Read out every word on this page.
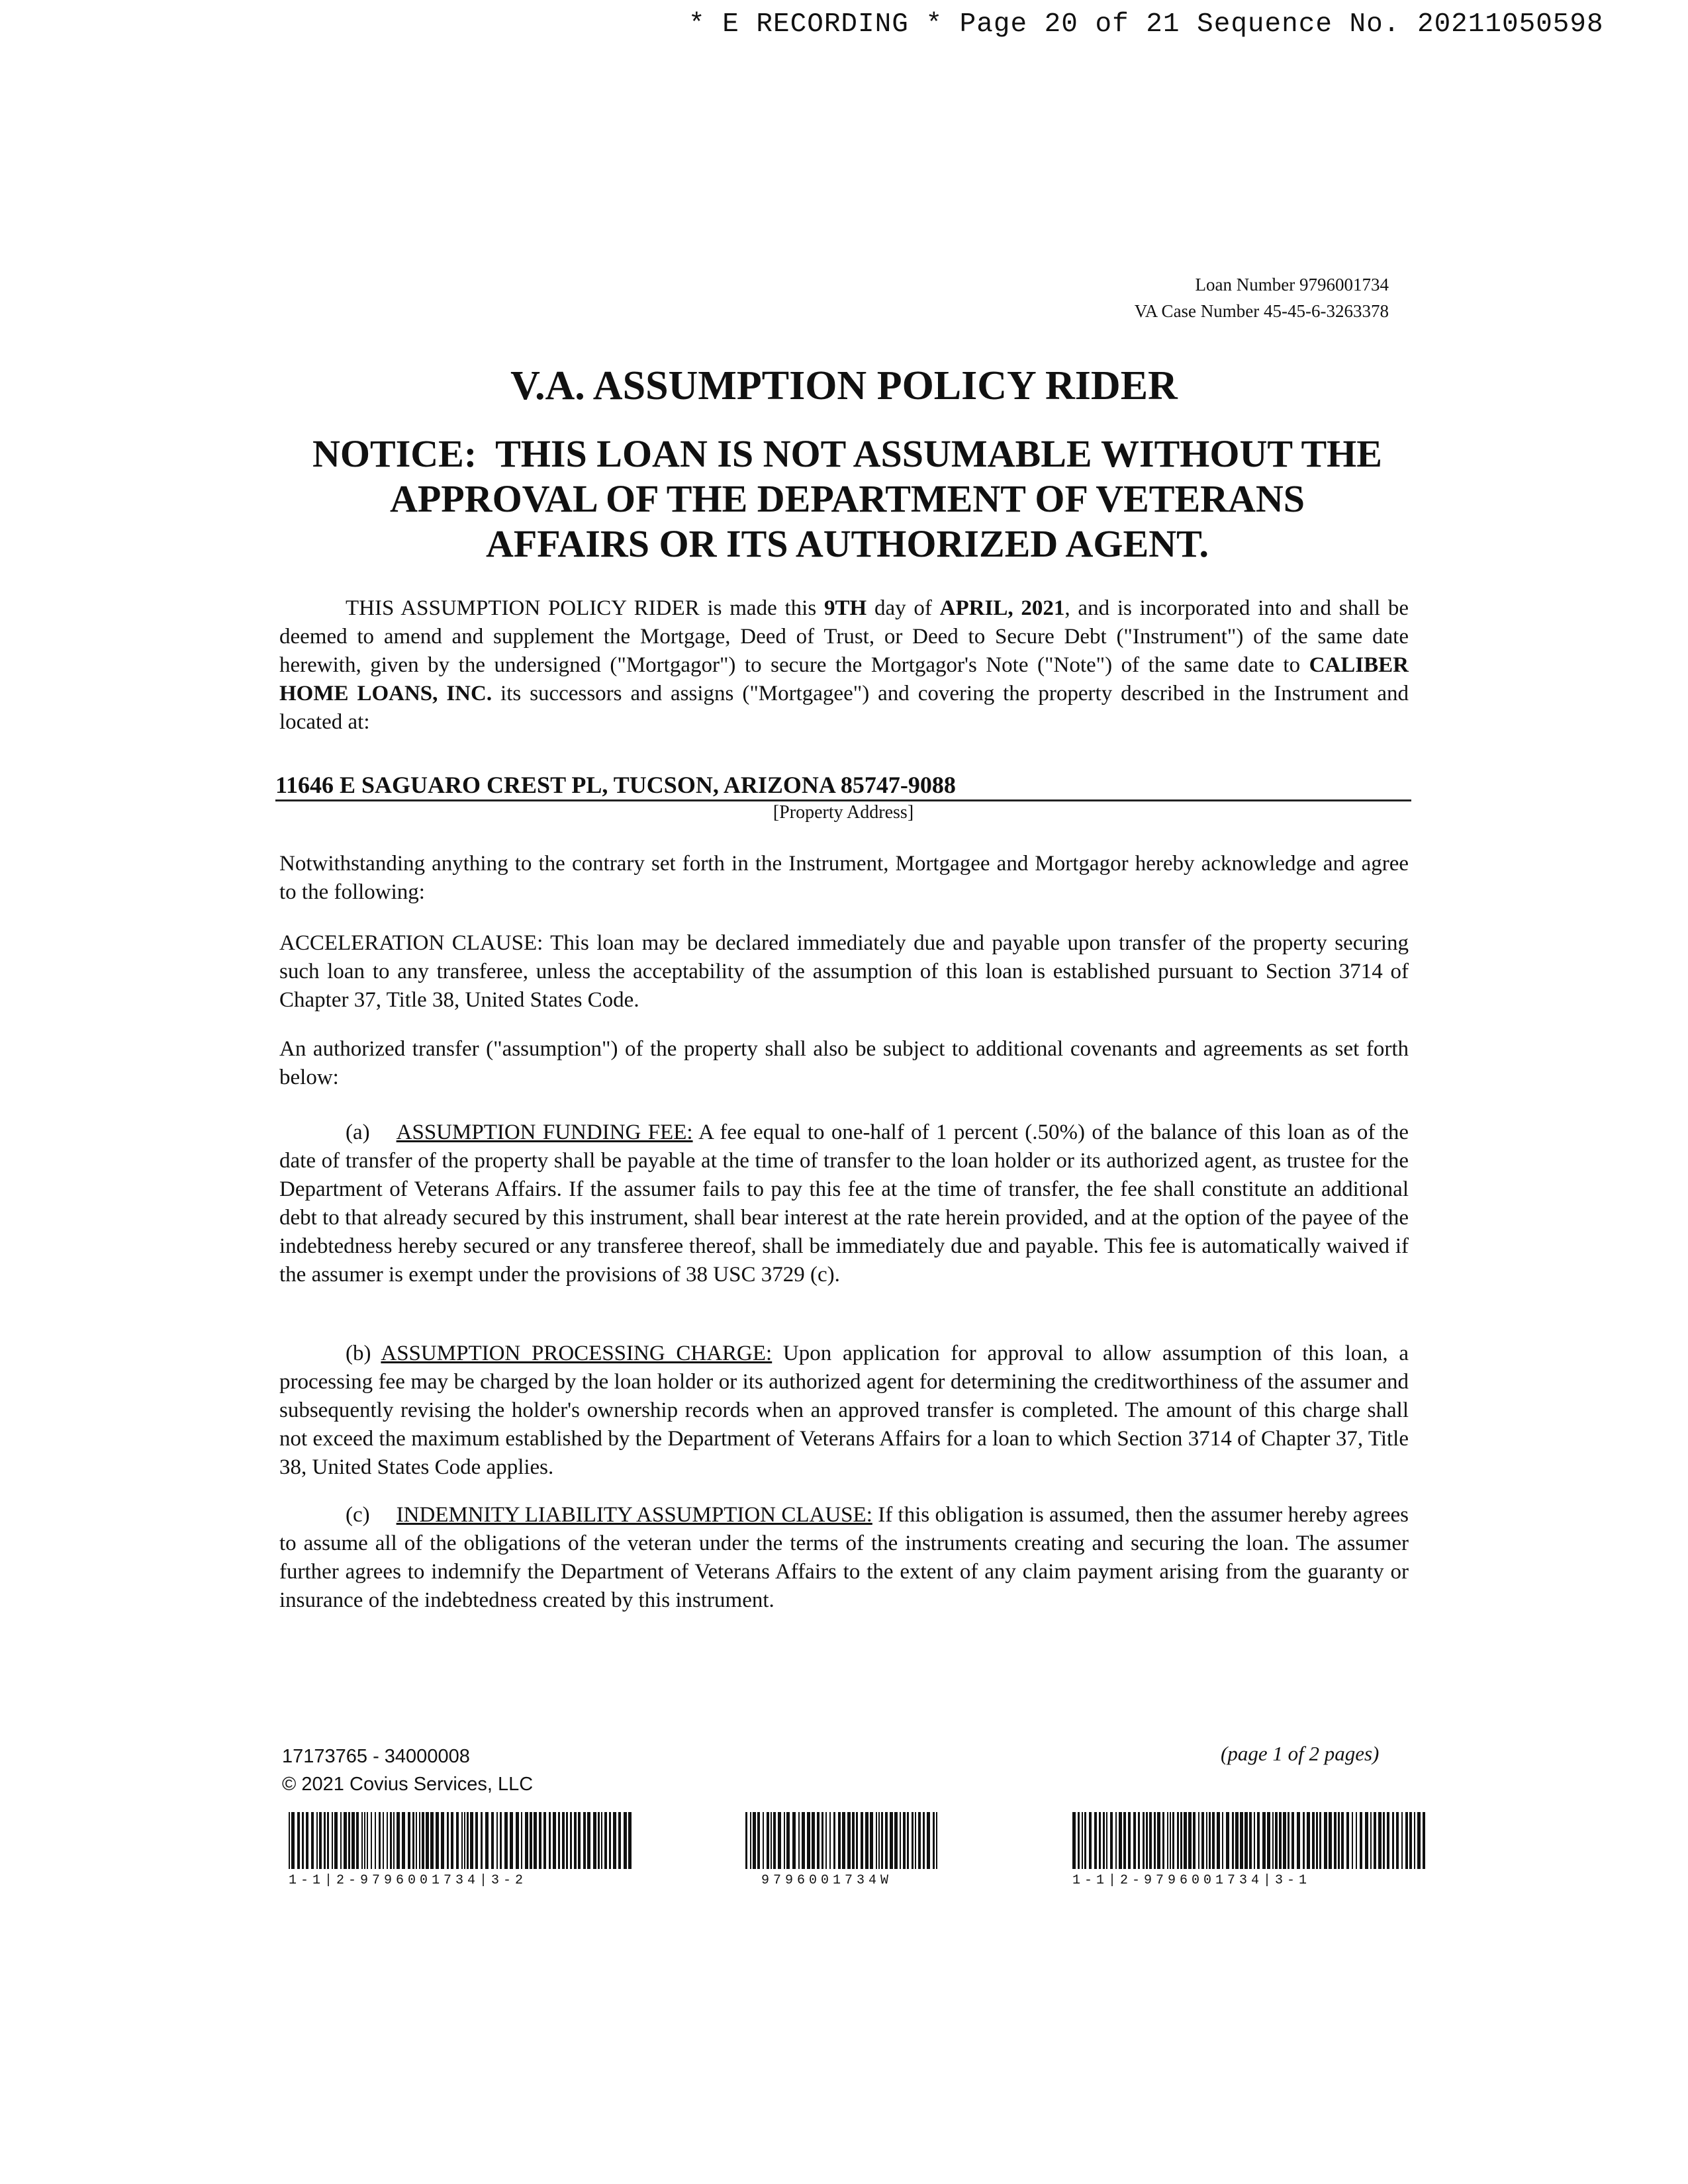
* E RECORDING * Page 20 of 21 Sequence No. 20211050598
Loan Number 9796001734
VA Case Number 45-45-6-3263378
V.A. ASSUMPTION POLICY RIDER
NOTICE:  THIS LOAN IS NOT ASSUMABLE WITHOUT THE
APPROVAL OF THE DEPARTMENT OF VETERANS
AFFAIRS OR ITS AUTHORIZED AGENT.
THIS ASSUMPTION POLICY RIDER is made this 9TH day of APRIL, 2021, and is incorporated into and shall be deemed to amend and supplement the Mortgage, Deed of Trust, or Deed to Secure Debt ("Instrument") of the same date herewith, given by the undersigned ("Mortgagor") to secure the Mortgagor's Note ("Note") of the same date to CALIBER HOME LOANS, INC. its successors and assigns ("Mortgagee") and covering the property described in the Instrument and located at:
11646 E SAGUARO CREST PL, TUCSON, ARIZONA 85747-9088
[Property Address]
Notwithstanding anything to the contrary set forth in the Instrument, Mortgagee and Mortgagor hereby acknowledge and agree to the following:
ACCELERATION CLAUSE: This loan may be declared immediately due and payable upon transfer of the property securing such loan to any transferee, unless the acceptability of the assumption of this loan is established pursuant to Section 3714 of Chapter 37, Title 38, United States Code.
An authorized transfer ("assumption") of the property shall also be subject to additional covenants and agreements as set forth below:
(a) ASSUMPTION FUNDING FEE: A fee equal to one-half of 1 percent (.50%) of the balance of this loan as of the date of transfer of the property shall be payable at the time of transfer to the loan holder or its authorized agent, as trustee for the Department of Veterans Affairs. If the assumer fails to pay this fee at the time of transfer, the fee shall constitute an additional debt to that already secured by this instrument, shall bear interest at the rate herein provided, and at the option of the payee of the indebtedness hereby secured or any transferee thereof, shall be immediately due and payable. This fee is automatically waived if the assumer is exempt under the provisions of 38 USC 3729 (c).
(b) ASSUMPTION PROCESSING CHARGE: Upon application for approval to allow assumption of this loan, a processing fee may be charged by the loan holder or its authorized agent for determining the creditworthiness of the assumer and subsequently revising the holder's ownership records when an approved transfer is completed. The amount of this charge shall not exceed the maximum established by the Department of Veterans Affairs for a loan to which Section 3714 of Chapter 37, Title 38, United States Code applies.
(c) INDEMNITY LIABILITY ASSUMPTION CLAUSE: If this obligation is assumed, then the assumer hereby agrees to assume all of the obligations of the veteran under the terms of the instruments creating and securing the loan. The assumer further agrees to indemnify the Department of Veterans Affairs to the extent of any claim payment arising from the guaranty or insurance of the indebtedness created by this instrument.
17173765 - 34000008
© 2021 Covius Services, LLC
(page 1 of 2 pages)
1-1|2-9796001734|3-2	9796001734W	1-1|2-9796001734|3-1
